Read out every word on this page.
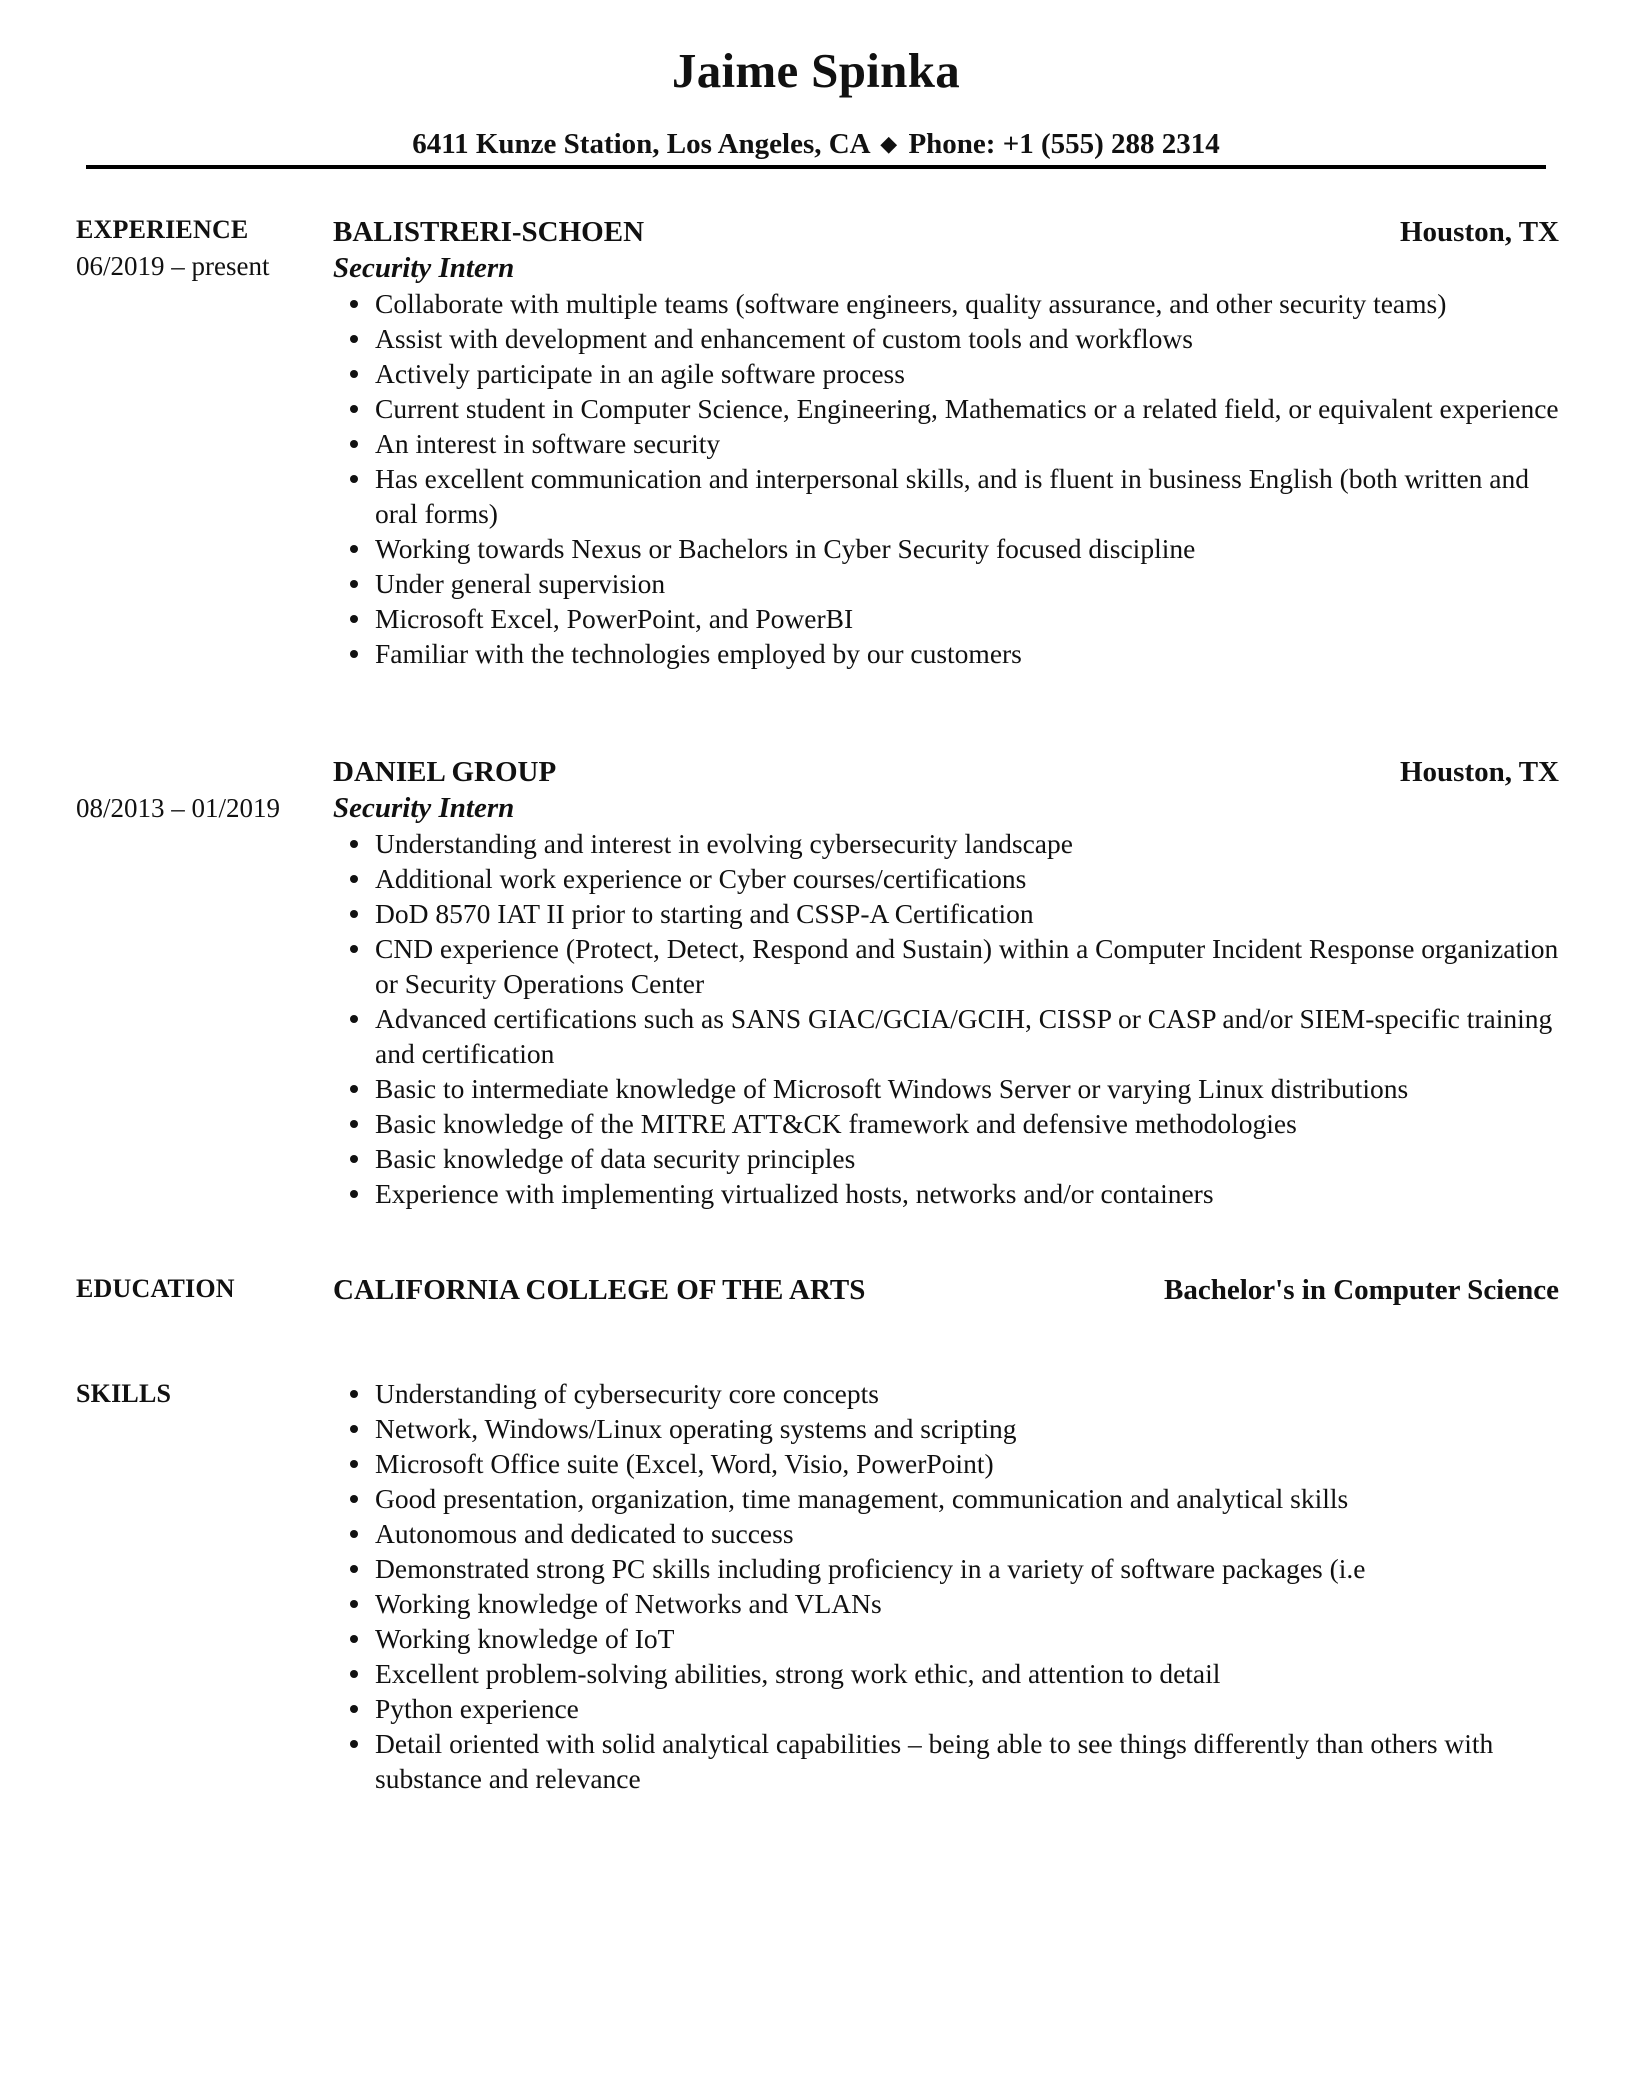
Jaime Spinka
6411 Kunze Station, Los Angeles, CA ◆ Phone: +1 (555) 288 2314
EXPERIENCE
06/2019 – present
BALISTRERI-SCHOEN	Houston, TX
Security Intern
Collaborate with multiple teams (software engineers, quality assurance, and other security teams)
Assist with development and enhancement of custom tools and workflows
Actively participate in an agile software process
Current student in Computer Science, Engineering, Mathematics or a related field, or equivalent experience
An interest in software security
Has excellent communication and interpersonal skills, and is fluent in business English (both written and oral forms)
Working towards Nexus or Bachelors in Cyber Security focused discipline
Under general supervision
Microsoft Excel, PowerPoint, and PowerBI
Familiar with the technologies employed by our customers
08/2013 – 01/2019
DANIEL GROUP	Houston, TX
Security Intern
Understanding and interest in evolving cybersecurity landscape
Additional work experience or Cyber courses/certifications
DoD 8570 IAT II prior to starting and CSSP-A Certification
CND experience (Protect, Detect, Respond and Sustain) within a Computer Incident Response organization or Security Operations Center
Advanced certifications such as SANS GIAC/GCIA/GCIH, CISSP or CASP and/or SIEM-specific training and certification
Basic to intermediate knowledge of Microsoft Windows Server or varying Linux distributions
Basic knowledge of the MITRE ATT&CK framework and defensive methodologies
Basic knowledge of data security principles
Experience with implementing virtualized hosts, networks and/or containers
EDUCATION	CALIFORNIA COLLEGE OF THE ARTS	Bachelor's in Computer Science
SKILLS	Understanding of cybersecurity core concepts
Network, Windows/Linux operating systems and scripting
Microsoft Office suite (Excel, Word, Visio, PowerPoint)
Good presentation, organization, time management, communication and analytical skills
Autonomous and dedicated to success
Demonstrated strong PC skills including proficiency in a variety of software packages (i.e
Working knowledge of Networks and VLANs
Working knowledge of IoT
Excellent problem-solving abilities, strong work ethic, and attention to detail
Python experience
Detail oriented with solid analytical capabilities – being able to see things differently than others with substance and relevance
